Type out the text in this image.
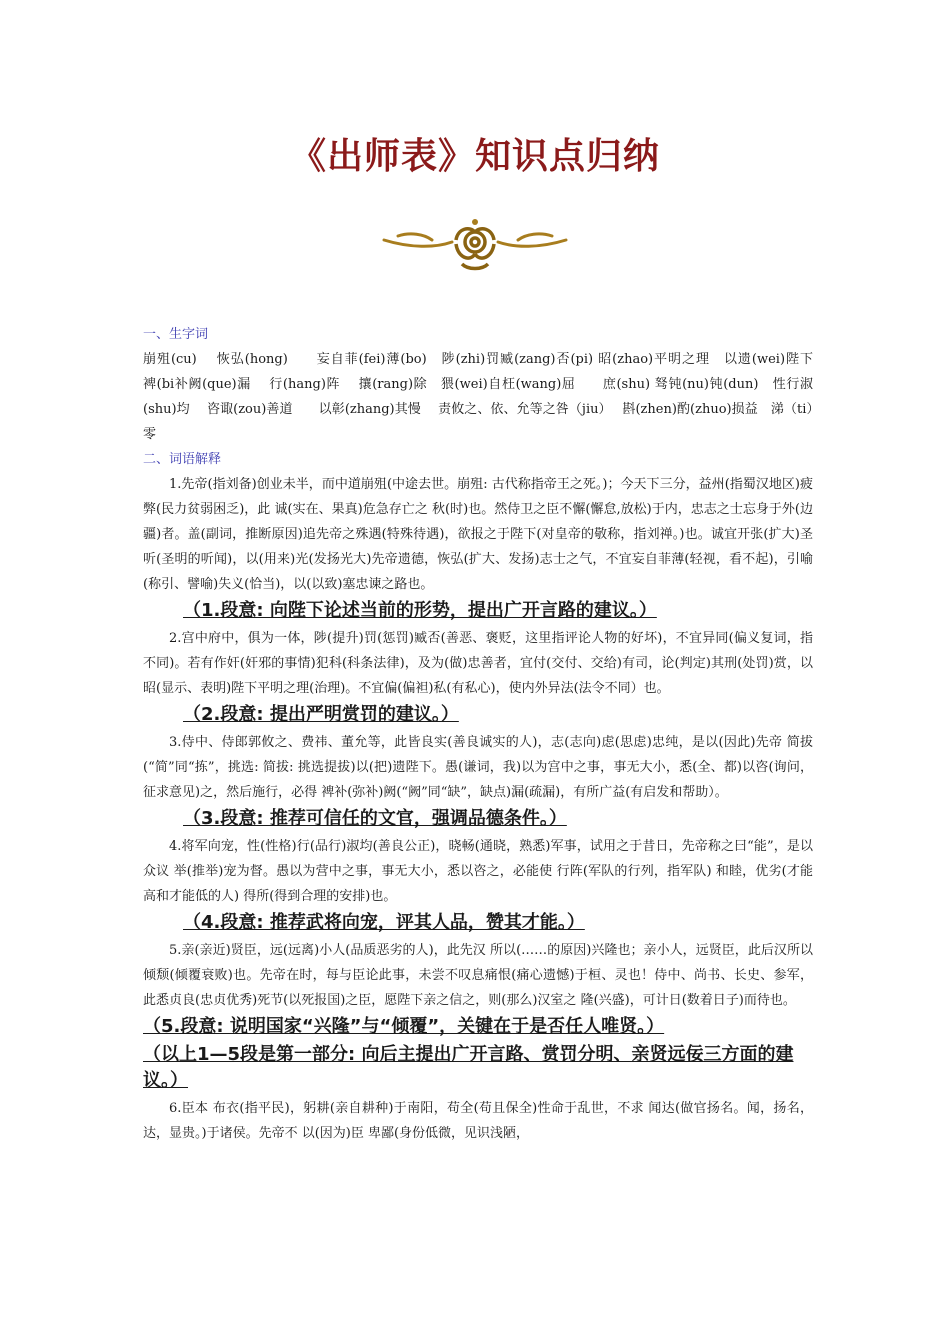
《出师表》知识点归纳
一、生字词
崩殂(cu)　 恢弘(hong)　　妄自菲(fei)薄(bo)　陟(zhi)罚臧(zang)否(pi) 昭(zhao)平明之理　以遗(wei)陛下　　裨(bi补阙(que)漏　 行(hang)阵　 攘(rang)除　猥(wei)自枉(wang)屈　　庶(shu) 驽钝(nu)钝(dun)　性行淑(shu)均　 咨诹(zou)善道　　以彰(zhang)其慢　 责攸之、依、允等之咎（jiu）　 斟(zhen)酌(zhuo)损益　涕（ti）零
二、词语解释
1.先帝(指刘备)创业未半，而中道崩殂(中途去世。崩殂: 古代称指帝王之死。)；今天下三分，益州(指蜀汉地区)疲弊(民力贫弱困乏)，此 诚(实在、果真)危急存亡之 秋(时)也。然侍卫之臣不懈(懈怠,放松)于内，忠志之士忘身于外(边疆)者。盖(副词，推断原因)追先帝之殊遇(特殊待遇)，欲报之于陛下(对皇帝的敬称，指刘禅。)也。诚宜开张(扩大)圣听(圣明的听闻)，以(用来)光(发扬光大)先帝遗德，恢弘(扩大、发扬)志士之气，不宜妄自菲薄(轻视，看不起)，引喻(称引、譬喻)失义(恰当)，以(以致)塞忠谏之路也。
（1.段意: 向陛下论述当前的形势，提出广开言路的建议。）
2.宫中府中，俱为一体，陟(提升)罚(惩罚)臧否(善恶、褒贬，这里指评论人物的好坏)，不宜异同(偏义复词，指不同)。若有作奸(奸邪的事情)犯科(科条法律)，及为(做)忠善者，宜付(交付、交给)有司，论(判定)其刑(处罚)赏，以昭(显示、表明)陛下平明之理(治理)。不宜偏(偏袒)私(有私心)，使内外异法(法令不同）也。
（2.段意: 提出严明赏罚的建议。）
3.侍中、侍郎郭攸之、费祎、董允等，此皆良实(善良诚实的人)，志(志向)虑(思虑)忠纯，是以(因此)先帝 简拔(“简”同“拣”，挑选: 简拔: 挑选提拔)以(把)遗陛下。愚(谦词，我)以为宫中之事，事无大小，悉(全、都)以咨(询问，征求意见)之，然后施行，必得 裨补(弥补)阙(“阙”同“缺”，缺点)漏(疏漏)，有所广益(有启发和帮助）。
（3.段意: 推荐可信任的文官，强调品德条件。）
4.将军向宠，性(性格)行(品行)淑均(善良公正)，晓畅(通晓，熟悉)军事，试用之于昔日，先帝称之曰“能”，是以众议 举(推举)宠为督。愚以为营中之事，事无大小，悉以咨之，必能使 行阵(军队的行列，指军队) 和睦，优劣(才能高和才能低的人) 得所(得到合理的安排)也。
（4.段意: 推荐武将向宠，评其人品，赞其才能。）
5.亲(亲近)贤臣，远(远离)小人(品质恶劣的人)，此先汉 所以(……的原因)兴隆也；亲小人，远贤臣，此后汉所以 倾颓(倾覆衰败)也。先帝在时，每与臣论此事，未尝不叹息痛恨(痛心遗憾)于桓、灵也！侍中、尚书、长史、参军，此悉贞良(忠贞优秀)死节(以死报国)之臣，愿陛下亲之信之，则(那么)汉室之 隆(兴盛)，可计日(数着日子)而待也。
（5.段意: 说明国家“兴隆”与“倾覆”，关键在于是否任人唯贤。）
（以上1—5段是第一部分: 向后主提出广开言路、赏罚分明、亲贤远佞三方面的建议。）
6.臣本 布衣(指平民)，躬耕(亲自耕种)于南阳，苟全(苟且保全)性命于乱世，不求 闻达(做官扬名。闻，扬名，达，显贵。)于诸侯。先帝不 以(因为)臣 卑鄙(身份低微，见识浅陋，
